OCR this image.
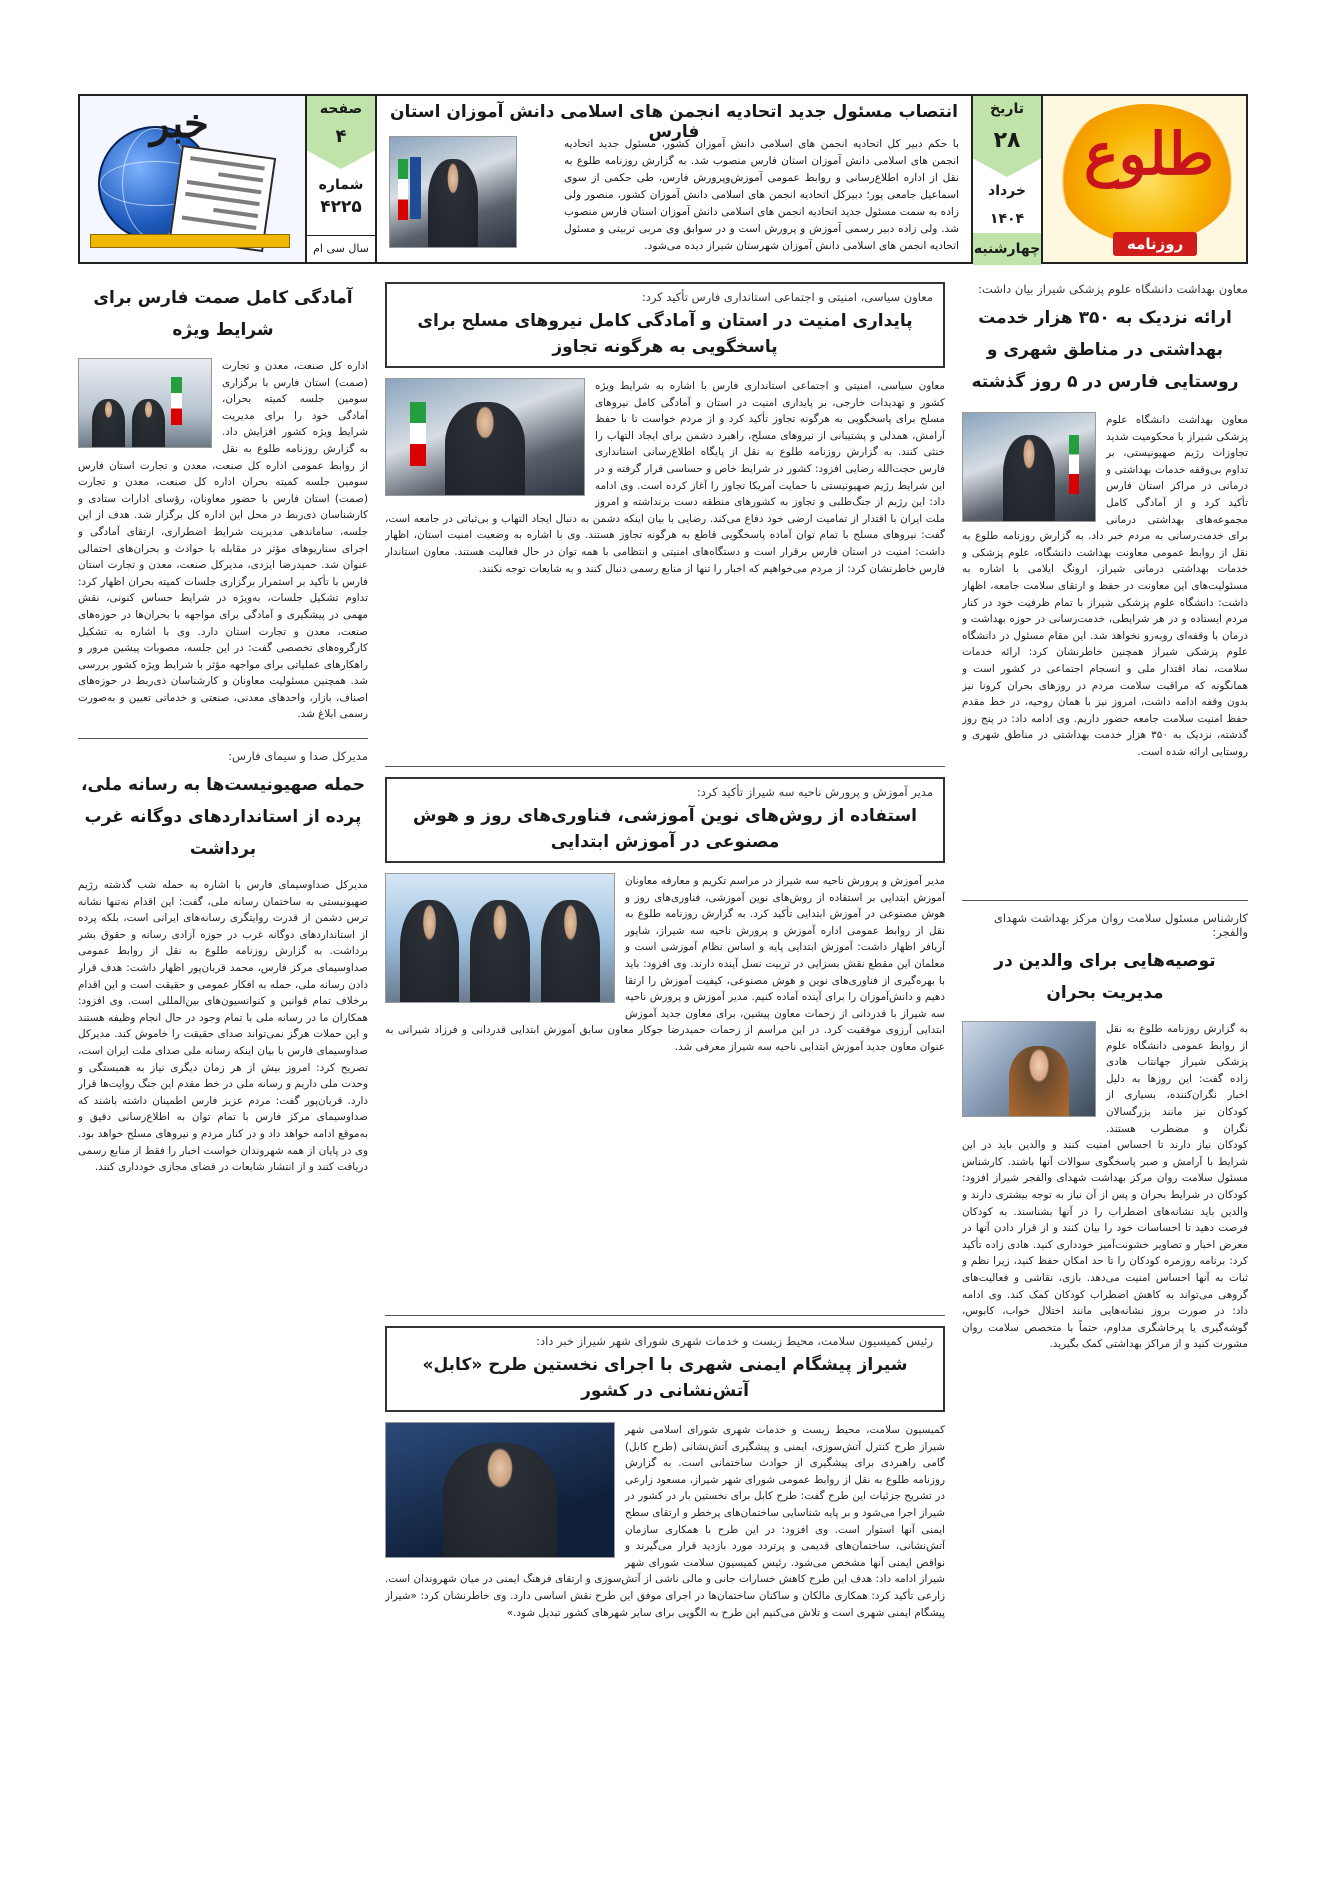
طلوع
روزنامه
تاریخ
۲۸
خرداد
۱۴۰۴
چهارشنبه
انتصاب مسئول جدید اتحادیه انجمن های اسلامی دانش آموزان استان فارس
با حکم دبیر کل اتحادیه انجمن های اسلامی دانش آموزان کشور، مسئول جدید اتحادیه انجمن های اسلامی دانش آموزان استان فارس منصوب شد. به گزارش روزنامه طلوع به نقل از اداره اطلاع‌رسانی و روابط عمومی آموزش‌وپرورش فارس، طی حکمی از سوی اسماعیل جامعی پور؛ دبیرکل اتحادیه انجمن های اسلامی دانش آموزان کشور، منصور ولی زاده به سمت مسئول جدید اتحادیه انجمن های اسلامی دانش آموزان استان فارس منصوب شد. ولی زاده دبیر رسمی آموزش و پرورش است و در سوابق وی مربی تربیتی و مسئول اتحادیه انجمن های اسلامی دانش آموزان شهرستان شیراز دیده می‌شود.
صفحه
۴
شماره
۴۲۲۵
سال سی ام
خبر
معاون بهداشت دانشگاه علوم پزشکی شیراز بیان داشت:
ارائه نزدیک به ۳۵۰ هزار خدمت بهداشتی در مناطق شهری و روستایی فارس در ۵ روز گذشته
معاون بهداشت دانشگاه علوم پزشکی شیراز با محکومیت شدید تجاوزات رژیم صهیونیستی، بر تداوم بی‌وقفه خدمات بهداشتی و درمانی در مراکز استان فارس تأکید کرد و از آمادگی کامل مجموعه‌های بهداشتی درمانی برای خدمت‌رسانی به مردم خبر داد. به گزارش روزنامه طلوع به نقل از روابط عمومی معاونت بهداشت دانشگاه، علوم پزشکی و خدمات بهداشتی درمانی شیراز، ارونگ ایلامی با اشاره به مسئولیت‌های این معاونت در حفظ و ارتقای سلامت جامعه، اظهار داشت: دانشگاه علوم پزشکی شیراز با تمام ظرفیت خود در کنار مردم ایستاده و در هر شرایطی، خدمت‌رسانی در حوزه بهداشت و درمان با وقفه‌ای روبه‌رو نخواهد شد. این مقام مسئول در دانشگاه علوم پزشکی شیراز همچنین خاطرنشان کرد: ارائه خدمات سلامت، نماد اقتدار ملی و انسجام اجتماعی در کشور است و همانگونه که مراقبت سلامت مردم در روزهای بحران کرونا نیز بدون وقفه ادامه داشت، امروز نیز با همان روحیه، در خط مقدم حفظ امنیت سلامت جامعه حضور داریم. وی ادامه داد: در پنج روز گذشته، نزدیک به ۳۵۰ هزار خدمت بهداشتی در مناطق شهری و روستایی ارائه شده است.
کارشناس مسئول سلامت روان مرکز بهداشت شهدای والفجر:
توصیه‌هایی برای والدین در مدیریت بحران
به گزارش روزنامه طلوع به نقل از روابط عمومی دانشگاه علوم پزشکی شیراز جهانتاب هادی زاده گفت: این روزها به دلیل اخبار نگران‌کننده، بسیاری از کودکان نیز مانند بزرگسالان نگران و مضطرب هستند. کودکان نیاز دارند تا احساس امنیت کنند و والدین باید در این شرایط با آرامش و صبر پاسخگوی سوالات آنها باشند. کارشناس مسئول سلامت روان مرکز بهداشت شهدای والفجر شیراز افزود: کودکان در شرایط بحران و پس از آن نیاز به توجه بیشتری دارند و والدین باید نشانه‌های اضطراب را در آنها بشناسند. به کودکان فرصت دهید تا احساسات خود را بیان کنند و از قرار دادن آنها در معرض اخبار و تصاویر خشونت‌آمیز خودداری کنید. هادی زاده تأکید کرد: برنامه روزمره کودکان را تا حد امکان حفظ کنید، زیرا نظم و ثبات به آنها احساس امنیت می‌دهد. بازی، نقاشی و فعالیت‌های گروهی می‌تواند به کاهش اضطراب کودکان کمک کند. وی ادامه داد: در صورت بروز نشانه‌هایی مانند اختلال خواب، کابوس، گوشه‌گیری یا پرخاشگری مداوم، حتماً با متخصص سلامت روان مشورت کنید و از مراکز بهداشتی کمک بگیرید.
معاون سیاسی، امنیتی و اجتماعی استانداری فارس تأکید کرد:
پایداری امنیت در استان و آمادگی کامل نیروهای مسلح برای پاسخگویی به هرگونه تجاوز
معاون سیاسی، امنیتی و اجتماعی استانداری فارس با اشاره به شرایط ویژه کشور و تهدیدات خارجی، بر پایداری امنیت در استان و آمادگی کامل نیروهای مسلح برای پاسخگویی به هرگونه تجاوز تأکید کرد و از مردم خواست تا با حفظ آرامش، همدلی و پشتیبانی از نیروهای مسلح، راهبرد دشمن برای ایجاد التهاب را خنثی کنند. به گزارش روزنامه طلوع به نقل از پایگاه اطلاع‌رسانی استانداری فارس حجت‌الله رضایی افزود: کشور در شرایط خاص و حساسی قرار گرفته و در این شرایط رژیم صهیونیستی با حمایت آمریکا تجاوز را آغاز کرده است. وی ادامه داد: این رژیم از جنگ‌طلبی و تجاوز به کشورهای منطقه دست برنداشته و امروز ملت ایران با اقتدار از تمامیت ارضی خود دفاع می‌کند. رضایی با بیان اینکه دشمن به دنبال ایجاد التهاب و بی‌ثباتی در جامعه است، گفت: نیروهای مسلح با تمام توان آماده پاسخگویی قاطع به هرگونه تجاوز هستند. وی با اشاره به وضعیت امنیت استان، اظهار داشت: امنیت در استان فارس برقرار است و دستگاه‌های امنیتی و انتظامی با همه توان در حال فعالیت هستند. معاون استاندار فارس خاطرنشان کرد: از مردم می‌خواهیم که اخبار را تنها از منابع رسمی دنبال کنند و به شایعات توجه نکنند.
مدیر آموزش و پرورش ناحیه سه شیراز تأکید کرد:
استفاده از روش‌های نوین آموزشی، فناوری‌های روز و هوش مصنوعی در آموزش ابتدایی
مدیر آموزش و پرورش ناحیه سه شیراز در مراسم تکریم و معارفه معاونان آموزش ابتدایی بر استفاده از روش‌های نوین آموزشی، فناوری‌های روز و هوش مصنوعی در آموزش ابتدایی تأکید کرد. به گزارش روزنامه طلوع به نقل از روابط عمومی اداره آموزش و پرورش ناحیه سه شیراز، شاپور آریافر اظهار داشت: آموزش ابتدایی پایه و اساس نظام آموزشی است و معلمان این مقطع نقش بسزایی در تربیت نسل آینده دارند. وی افزود: باید با بهره‌گیری از فناوری‌های نوین و هوش مصنوعی، کیفیت آموزش را ارتقا دهیم و دانش‌آموزان را برای آینده آماده کنیم. مدیر آموزش و پرورش ناحیه سه شیراز با قدردانی از زحمات معاون پیشین، برای معاون جدید آموزش ابتدایی آرزوی موفقیت کرد. در این مراسم از زحمات حمیدرضا جوکار معاون سابق آموزش ابتدایی قدردانی و فرزاد شیرانی به عنوان معاون جدید آموزش ابتدایی ناحیه سه شیراز معرفی شد.
رئیس کمیسیون سلامت، محیط زیست و خدمات شهری شورای شهر شیراز خبر داد:
شیراز پیشگام ایمنی شهری با اجرای نخستین طرح «کابل» آتش‌نشانی در کشور
کمیسیون سلامت، محیط زیست و خدمات شهری شورای اسلامی شهر شیراز طرح کنترل آتش‌سوزی، ایمنی و پیشگیری آتش‌نشانی (طرح کابل) گامی راهبردی برای پیشگیری از حوادث ساختمانی است. به گزارش روزنامه طلوع به نقل از روابط عمومی شورای شهر شیراز، مسعود زارعی در تشریح جزئیات این طرح گفت: طرح کابل برای نخستین بار در کشور در شیراز اجرا می‌شود و بر پایه شناسایی ساختمان‌های پرخطر و ارتقای سطح ایمنی آنها استوار است. وی افزود: در این طرح با همکاری سازمان آتش‌نشانی، ساختمان‌های قدیمی و پرتردد مورد بازدید قرار می‌گیرند و نواقص ایمنی آنها مشخص می‌شود. رئیس کمیسیون سلامت شورای شهر شیراز ادامه داد: هدف این طرح کاهش خسارات جانی و مالی ناشی از آتش‌سوزی و ارتقای فرهنگ ایمنی در میان شهروندان است. زارعی تأکید کرد: همکاری مالکان و ساکنان ساختمان‌ها در اجرای موفق این طرح نقش اساسی دارد. وی خاطرنشان کرد: «شیراز پیشگام ایمنی شهری است و تلاش می‌کنیم این طرح به الگویی برای سایر شهرهای کشور تبدیل شود.»
آمادگی کامل صمت فارس برای شرایط ویژه
اداره کل صنعت، معدن و تجارت (صمت) استان فارس با برگزاری سومین جلسه کمیته بحران، آمادگی خود را برای مدیریت شرایط ویژه کشور افزایش داد. به گزارش روزنامه طلوع به نقل از روابط عمومی اداره کل صنعت، معدن و تجارت استان فارس سومین جلسه کمیته بحران اداره کل صنعت، معدن و تجارت (صمت) استان فارس با حضور معاونان، رؤسای ادارات ستادی و کارشناسان ذی‌ربط در محل این اداره کل برگزار شد. هدف از این جلسه، ساماندهی مدیریت شرایط اضطراری، ارتقای آمادگی و اجرای سناریوهای مؤثر در مقابله با حوادث و بحران‌های احتمالی عنوان شد. حمیدرضا ایزدی، مدیرکل صنعت، معدن و تجارت استان فارس با تأکید بر استمرار برگزاری جلسات کمیته بحران اظهار کرد: تداوم تشکیل جلسات، به‌ویژه در شرایط حساس کنونی، نقش مهمی در پیشگیری و آمادگی برای مواجهه با بحران‌ها در حوزه‌های صنعت، معدن و تجارت استان دارد. وی با اشاره به تشکیل کارگروه‌های تخصصی گفت: در این جلسه، مصوبات پیشین مرور و راهکارهای عملیاتی برای مواجهه مؤثر با شرایط ویژه کشور بررسی شد. همچنین مسئولیت معاونان و کارشناسان ذی‌ربط در حوزه‌های اصناف، بازار، واحدهای معدنی، صنعتی و خدماتی تعیین و به‌صورت رسمی ابلاغ شد.
مدیرکل صدا و سیمای فارس:
حمله صهیونیست‌ها به رسانه ملی، پرده از استانداردهای دوگانه غرب برداشت
مدیرکل صداوسیمای فارس با اشاره به حمله شب گذشته رژیم صهیونیستی به ساختمان رسانه ملی، گفت: این اقدام نه‌تنها نشانه ترس دشمن از قدرت روایتگری رسانه‌های ایرانی است، بلکه پرده از استانداردهای دوگانه غرب در حوزه آزادی رسانه و حقوق بشر برداشت. به گزارش روزنامه طلوع به نقل از روابط عمومی صداوسیمای مرکز فارس، محمد قربان‌پور اظهار داشت: هدف قرار دادن رسانه ملی، حمله به افکار عمومی و حقیقت است و این اقدام برخلاف تمام قوانین و کنوانسیون‌های بین‌المللی است. وی افزود: همکاران ما در رسانه ملی با تمام وجود در حال انجام وظیفه هستند و این حملات هرگز نمی‌تواند صدای حقیقت را خاموش کند. مدیرکل صداوسیمای فارس با بیان اینکه رسانه ملی صدای ملت ایران است، تصریح کرد: امروز بیش از هر زمان دیگری نیاز به همبستگی و وحدت ملی داریم و رسانه ملی در خط مقدم این جنگ روایت‌ها قرار دارد. قربان‌پور گفت: مردم عزیز فارس اطمینان داشته باشند که صداوسیمای مرکز فارس با تمام توان به اطلاع‌رسانی دقیق و به‌موقع ادامه خواهد داد و در کنار مردم و نیروهای مسلح خواهد بود. وی در پایان از همه شهروندان خواست اخبار را فقط از منابع رسمی دریافت کنند و از انتشار شایعات در فضای مجازی خودداری کنند.
